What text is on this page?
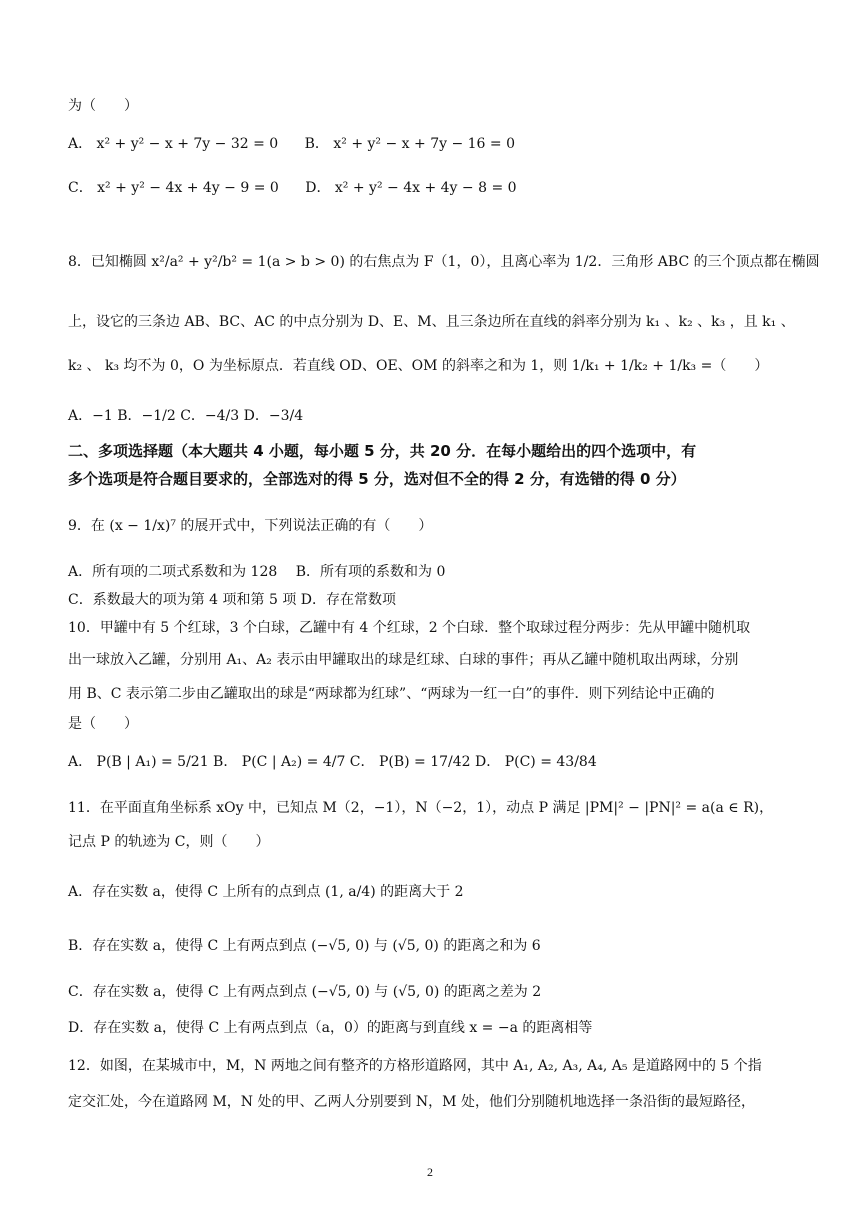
为（　　）
A． x² + y² − x + 7y − 32 = 0 B． x² + y² − x + 7y − 16 = 0
C． x² + y² − 4x + 4y − 9 = 0 D． x² + y² − 4x + 4y − 8 = 0
8．已知椭圆 x²/a² + y²/b² = 1(a > b > 0) 的右焦点为 F（1，0），且离心率为 1/2．三角形 ABC 的三个顶点都在椭圆
上，设它的三条边 AB、BC、AC 的中点分别为 D、E、M、且三条边所在直线的斜率分别为 k₁ 、k₂ 、k₃ ，且 k₁ 、
k₂ 、 k₃ 均不为 0，O 为坐标原点．若直线 OD、OE、OM 的斜率之和为 1，则 1/k₁ + 1/k₂ + 1/k₃ =（　　）
A．−1 B．−1/2 C．−4/3 D．−3/4
二、多项选择题（本大题共 4 小题，每小题 5 分，共 20 分．在每小题给出的四个选项中，有
多个选项是符合题目要求的，全部选对的得 5 分，选对但不全的得 2 分，有选错的得 0 分）
9．在 (x − 1/x)⁷ 的展开式中，下列说法正确的有（　　）
A．所有项的二项式系数和为 128　 B．所有项的系数和为 0
C．系数最大的项为第 4 项和第 5 项 D．存在常数项
10．甲罐中有 5 个红球，3 个白球，乙罐中有 4 个红球，2 个白球．整个取球过程分两步：先从甲罐中随机取
出一球放入乙罐，分别用 A₁、A₂ 表示由甲罐取出的球是红球、白球的事件；再从乙罐中随机取出两球，分别
用 B、C 表示第二步由乙罐取出的球是“两球都为红球”、“两球为一红一白”的事件．则下列结论中正确的
是（　　）
A． P(B | A₁) = 5/21 B． P(C | A₂) = 4/7 C． P(B) = 17/42 D． P(C) = 43/84
11．在平面直角坐标系 xOy 中，已知点 M（2，−1），N（−2，1），动点 P 满足 |PM|² − |PN|² = a(a ∈ R)，
记点 P 的轨迹为 C，则（　　）
A．存在实数 a，使得 C 上所有的点到点 (1, a/4) 的距离大于 2
B．存在实数 a，使得 C 上有两点到点 (−√5, 0) 与 (√5, 0) 的距离之和为 6
C．存在实数 a，使得 C 上有两点到点 (−√5, 0) 与 (√5, 0) 的距离之差为 2
D．存在实数 a，使得 C 上有两点到点（a，0）的距离与到直线 x = −a 的距离相等
12．如图，在某城市中，M，N 两地之间有整齐的方格形道路网，其中 A₁, A₂, A₃, A₄, A₅ 是道路网中的 5 个指
定交汇处，今在道路网 M，N 处的甲、乙两人分别要到 N，M 处，他们分别随机地选择一条沿街的最短路径，
2
